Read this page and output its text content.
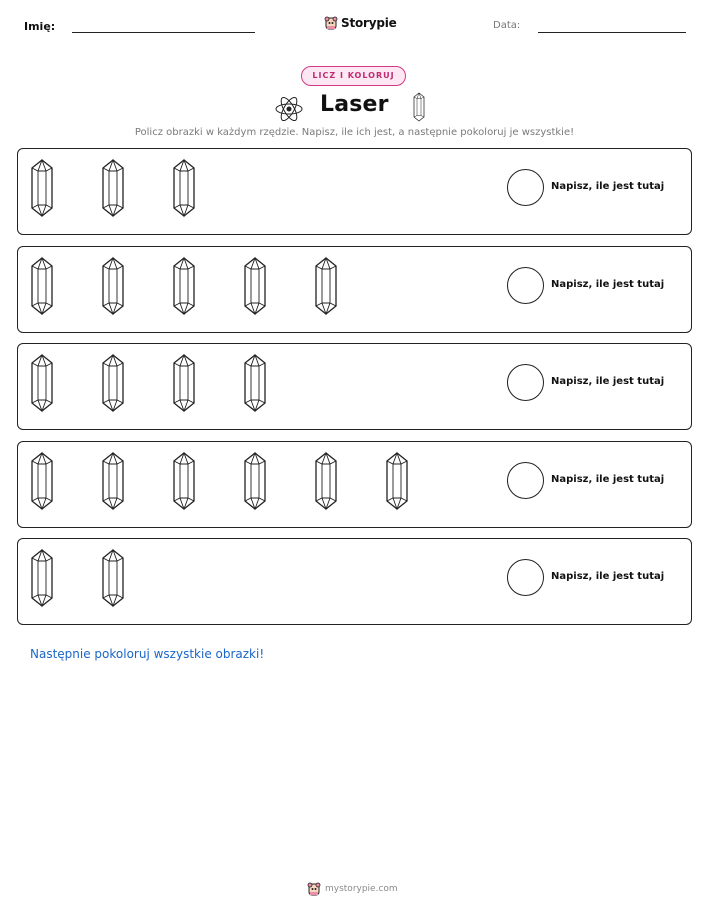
Imię:	Storypie	Data:
LICZ I KOLORUJ
Laser
Policz obrazki w każdym rzędzie. Napisz, ile ich jest, a następnie pokoloruj je wszystkie!
Napisz, ile jest tutaj
Napisz, ile jest tutaj
Napisz, ile jest tutaj
Napisz, ile jest tutaj
Napisz, ile jest tutaj
Następnie pokoloruj wszystkie obrazki!
mystorypie.com
